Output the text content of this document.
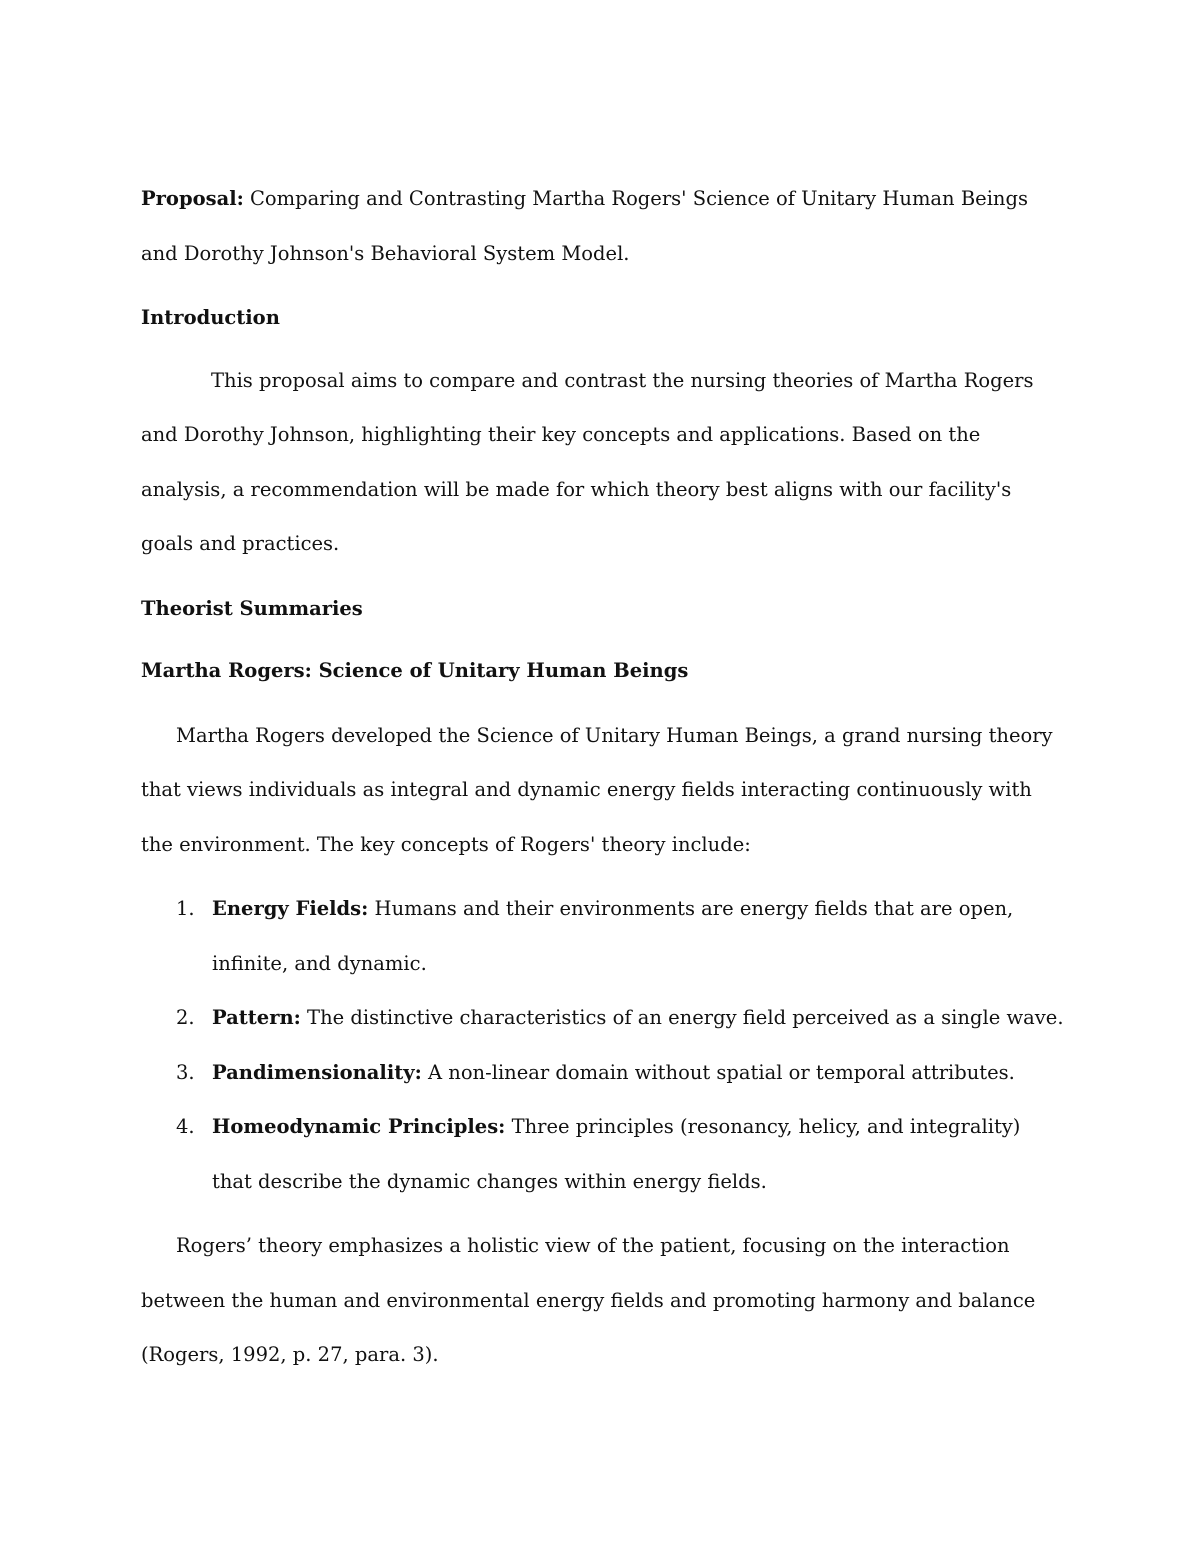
Proposal: Comparing and Contrasting Martha Rogers' Science of Unitary Human Beings and Dorothy Johnson's Behavioral System Model.

Introduction

This proposal aims to compare and contrast the nursing theories of Martha Rogers and Dorothy Johnson, highlighting their key concepts and applications. Based on the analysis, a recommendation will be made for which theory best aligns with our facility's goals and practices.

Theorist Summaries

Martha Rogers: Science of Unitary Human Beings

Martha Rogers developed the Science of Unitary Human Beings, a grand nursing theory that views individuals as integral and dynamic energy fields interacting continuously with the environment. The key concepts of Rogers' theory include:

1. Energy Fields: Humans and their environments are energy fields that are open, infinite, and dynamic.
2. Pattern: The distinctive characteristics of an energy field perceived as a single wave.
3. Pandimensionality: A non-linear domain without spatial or temporal attributes.
4. Homeodynamic Principles: Three principles (resonancy, helicy, and integrality) that describe the dynamic changes within energy fields.

Rogers’ theory emphasizes a holistic view of the patient, focusing on the interaction between the human and environmental energy fields and promoting harmony and balance (Rogers, 1992, p. 27, para. 3).
